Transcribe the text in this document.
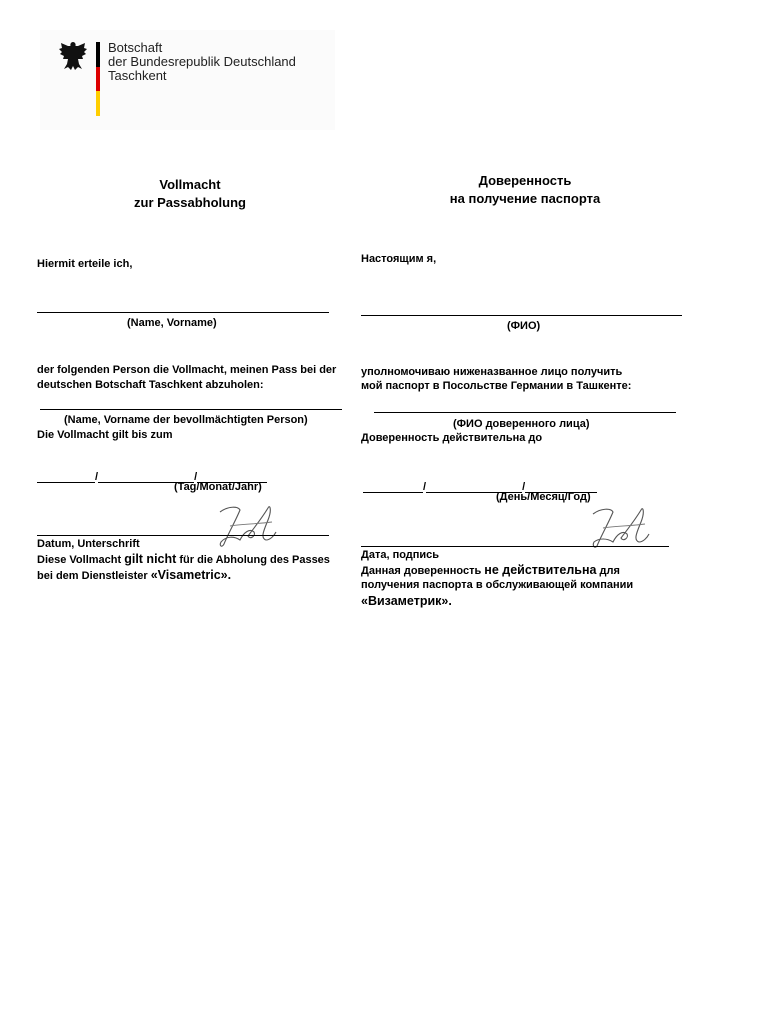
Botschaft
der Bundesrepublik Deutschland
Taschkent
Vollmacht
zur Passabholung
Hiermit erteile ich,
(Name, Vorname)
der folgenden Person die Vollmacht, meinen Pass bei der
deutschen Botschaft Taschkent abzuholen:
(Name, Vorname der bevollmächtigten Person)
Die Vollmacht gilt bis zum
/	/
(Tag/Monat/Jahr)
Datum, Unterschrift
Diese Vollmacht gilt nicht für die Abholung des Passes
bei dem Dienstleister «Visametric».
Доверенность
на получение паспорта
Настоящим я,
(ФИО)
уполномочиваю ниженазванное лицо получить
мой паспорт в Посольстве Германии в Ташкенте:
(ФИО доверенного лица)
Доверенность действительна до
/	/
(День/Месяц/Год)
Дата, подпись
Данная доверенность не действительна для
получения паспорта в обслуживающей компании
«Визаметрик».
